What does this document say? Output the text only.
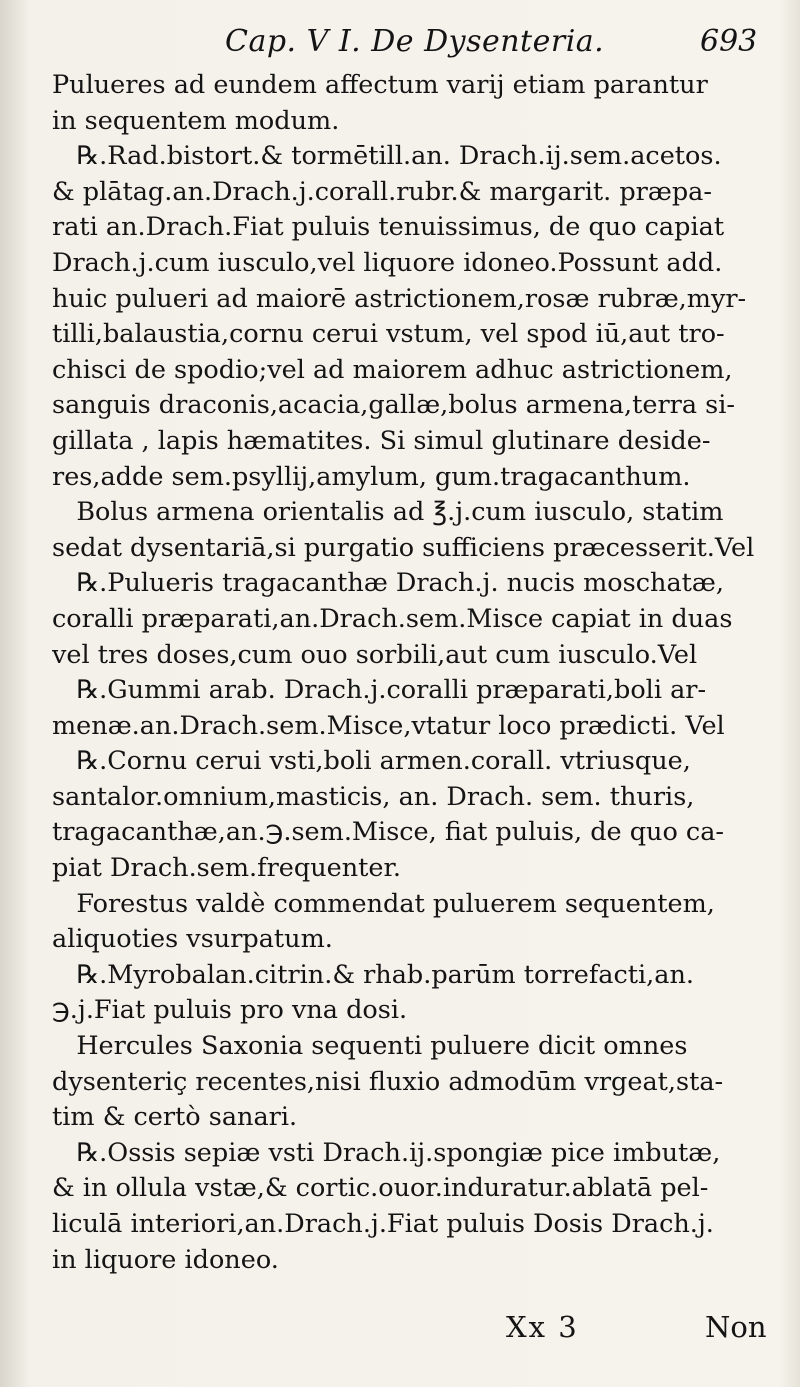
Cap. V I. De Dysenteria.	693
Pulueres ad eundem affectum varij etiam parantur
in sequentem modum.
℞.Rad.bistort.& tormētill.an. Drach.ij.sem.acetos.
& plātag.an.Drach.j.corall.rubr.& margarit. præpa-
rati an.Drach.Fiat puluis tenuissimus, de quo capiat
Drach.j.cum iusculo,vel liquore idoneo.Possunt add.
huic pulueri ad maiorē astrictionem,rosæ rubræ,myr-
tilli,balaustia,cornu cerui vstum, vel spod iū,aut tro-
chisci de spodio;vel ad maiorem adhuc astrictionem,
sanguis draconis,acacia,gallæ,bolus armena,terra si-
gillata , lapis hæmatites. Si simul glutinare deside-
res,adde sem.psyllij,amylum, gum.tragacanthum.
Bolus armena orientalis ad ℥.j.cum iusculo, statim
sedat dysentariā,si purgatio sufficiens præcesserit.Vel
℞.Pulueris tragacanthæ Drach.j. nucis moschatæ,
coralli præparati,an.Drach.sem.Misce capiat in duas
vel tres doses,cum ouo sorbili,aut cum iusculo.Vel
℞.Gummi arab. Drach.j.coralli præparati,boli ar-
menæ.an.Drach.sem.Misce,vtatur loco prædicti. Vel
℞.Cornu cerui vsti,boli armen.corall. vtriusque,
santalor.omnium,masticis, an. Drach. sem. thuris,
tragacanthæ,an.℈.sem.Misce, fiat puluis, de quo ca-
piat Drach.sem.frequenter.
Forestus valdè commendat puluerem sequentem,
aliquoties vsurpatum.
℞.Myrobalan.citrin.& rhab.parūm torrefacti,an.
℈.j.Fiat puluis pro vna dosi.
Hercules Saxonia sequenti puluere dicit omnes
dysenteriç recentes,nisi fluxio admodūm vrgeat,sta-
tim & certò sanari.
℞.Ossis sepiæ vsti Drach.ij.spongiæ pice imbutæ,
& in ollula vstæ,& cortic.ouor.induratur.ablatā pel-
liculā interiori,an.Drach.j.Fiat puluis Dosis Drach.j.
in liquore idoneo.
Xx 3	Non
